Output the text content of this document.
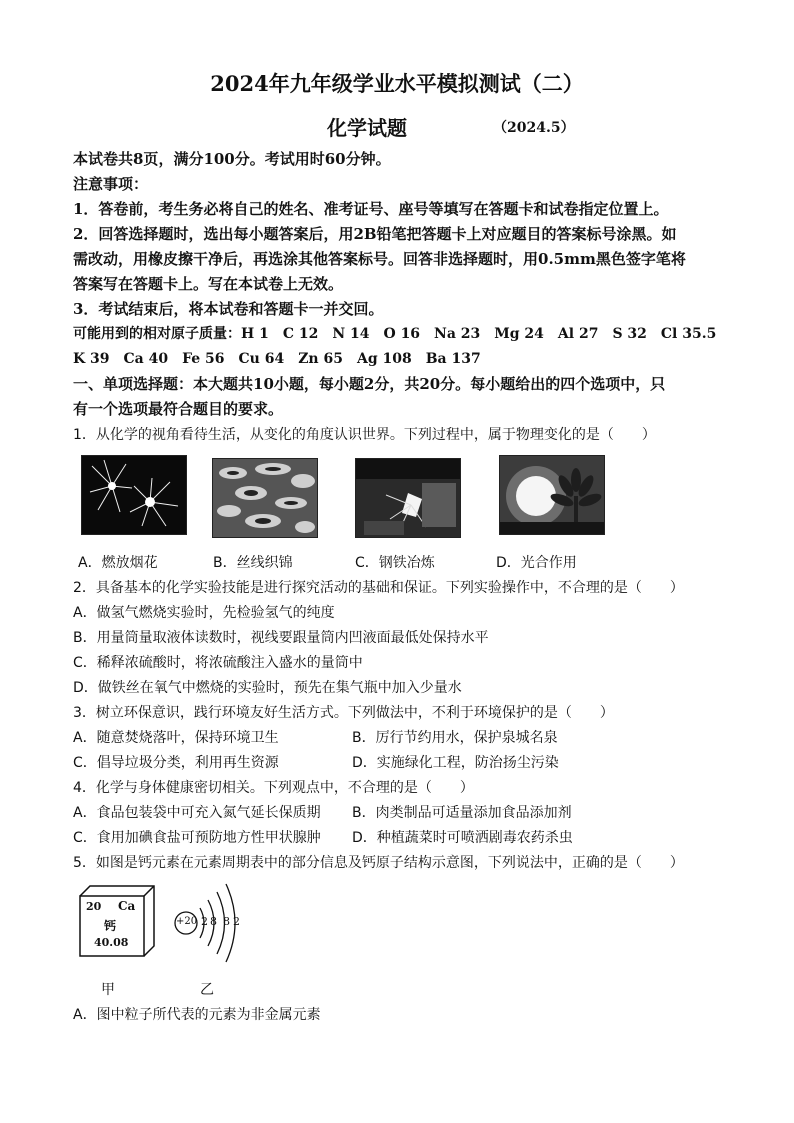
2024年九年级学业水平模拟测试（二）
化学试题	（2024.5）
本试卷共8页，满分100分。考试用时60分钟。
注意事项：
1．答卷前，考生务必将自己的姓名、准考证号、座号等填写在答题卡和试卷指定位置上。
2．回答选择题时，选出每小题答案后，用2B铅笔把答题卡上对应题目的答案标号涂黑。如
需改动，用橡皮擦干净后，再选涂其他答案标号。回答非选择题时，用0.5mm黑色签字笔将
答案写在答题卡上。写在本试卷上无效。
3．考试结束后，将本试卷和答题卡一并交回。
可能用到的相对原子质量：H 1　C 12　N 14　O 16　Na 23　Mg 24　Al 27　S 32　Cl 35.5
K 39　Ca 40　Fe 56　Cu 64　Zn 65　Ag 108　Ba 137
一、单项选择题：本大题共10小题，每小题2分，共20分。每小题给出的四个选项中，只
有一个选项最符合题目的要求。
1．从化学的视角看待生活，从变化的角度认识世界。下列过程中，属于物理变化的是（　　）
A．燃放烟花	B．丝线织锦	C．钢铁冶炼	D．光合作用
2．具备基本的化学实验技能是进行探究活动的基础和保证。下列实验操作中，不合理的是（　　）
A．做氢气燃烧实验时，先检验氢气的纯度
B．用量筒量取液体读数时，视线要跟量筒内凹液面最低处保持水平
C．稀释浓硫酸时，将浓硫酸注入盛水的量筒中
D．做铁丝在氧气中燃烧的实验时，预先在集气瓶中加入少量水
3．树立环保意识，践行环境友好生活方式。下列做法中，不利于环境保护的是（　　）
A．随意焚烧落叶，保持环境卫生	B．厉行节约用水，保护泉城名泉
C．倡导垃圾分类，利用再生资源	D．实施绿化工程，防治扬尘污染
4．化学与身体健康密切相关。下列观点中，不合理的是（　　）
A．食品包装袋中可充入氮气延长保质期 B．肉类制品可适量添加食品添加剂
C．食用加碘食盐可预防地方性甲状腺肿 D．种植蔬菜时可喷洒剧毒农药杀虫
5．如图是钙元素在元素周期表中的部分信息及钙原子结构示意图，下列说法中，正确的是（　　）
20 Ca
钙
40.08
+20 2 8 8 2
甲	乙
A．图中粒子所代表的元素为非金属元素
